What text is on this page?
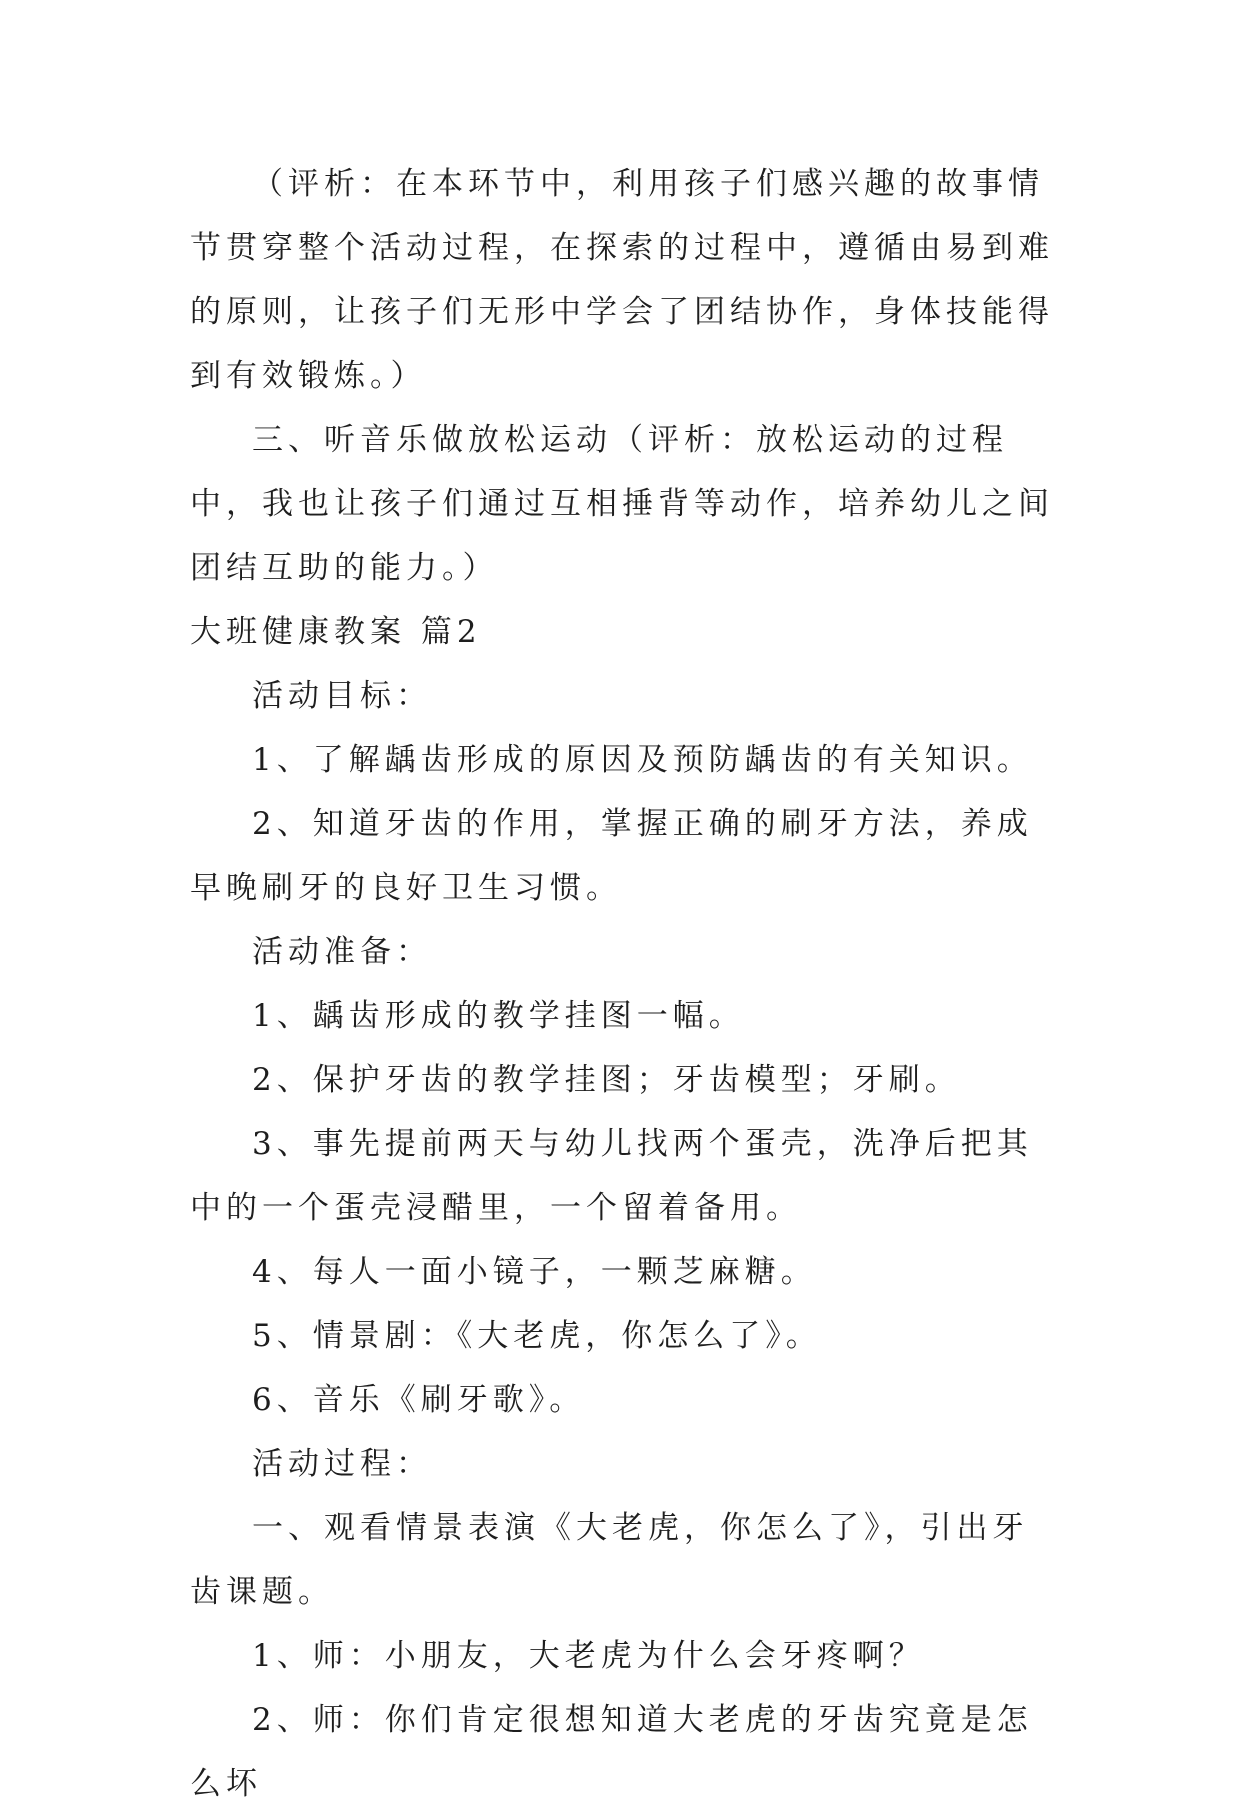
（评析：在本环节中，利用孩子们感兴趣的故事情节贯穿整个活动过程，在探索的过程中，遵循由易到难的原则，让孩子们无形中学会了团结协作，身体技能得到有效锻炼。）

三、听音乐做放松运动（评析：放松运动的过程中，我也让孩子们通过互相捶背等动作，培养幼儿之间团结互助的能力。）

大班健康教案 篇2

活动目标：

1、了解龋齿形成的原因及预防龋齿的有关知识。

2、知道牙齿的作用，掌握正确的刷牙方法，养成早晚刷牙的良好卫生习惯。

活动准备：

1、龋齿形成的教学挂图一幅。

2、保护牙齿的教学挂图；牙齿模型；牙刷。

3、事先提前两天与幼儿找两个蛋壳，洗净后把其中的一个蛋壳浸醋里，一个留着备用。

4、每人一面小镜子，一颗芝麻糖。

5、情景剧：《大老虎，你怎么了》。

6、音乐《刷牙歌》。

活动过程：

一、观看情景表演《大老虎，你怎么了》，引出牙齿课题。

1、师：小朋友，大老虎为什么会牙疼啊？

2、师：你们肯定很想知道大老虎的牙齿究竟是怎么坏
